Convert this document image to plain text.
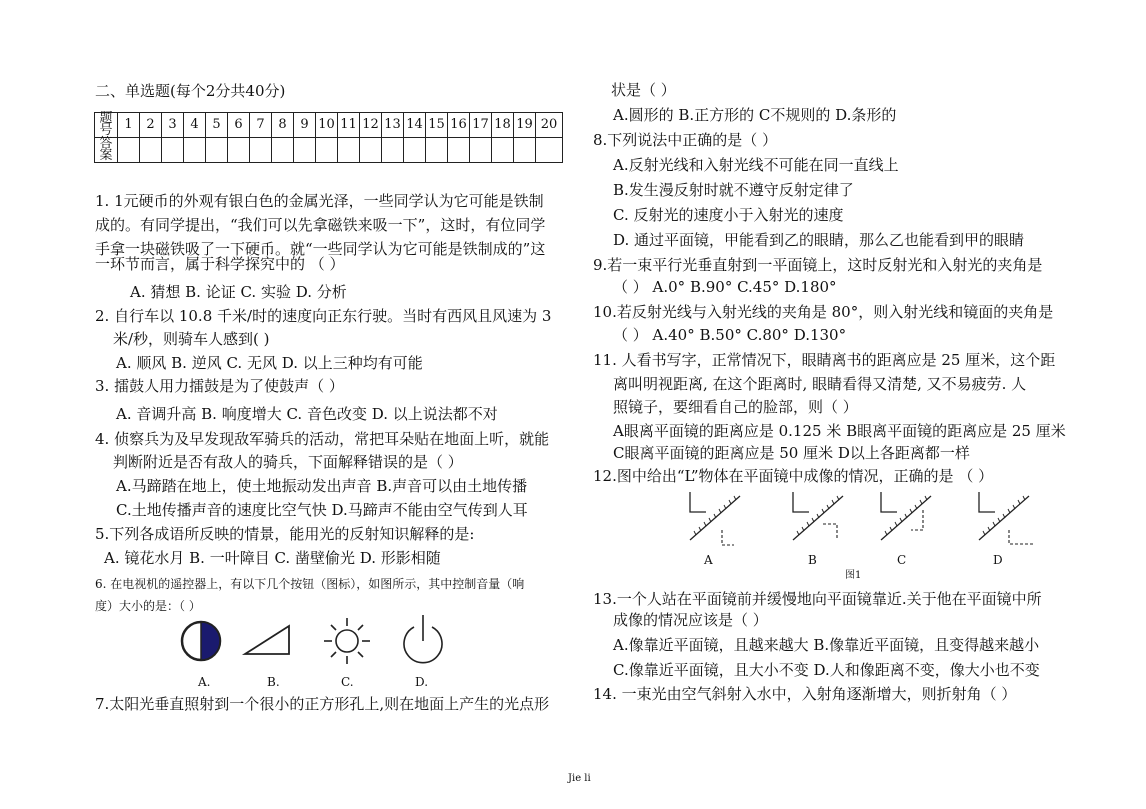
二、单选题(每个2分共40分)
题号	1	2	3	4	5	6	7	8	9	10	11	12	13	14	15	16	17	18	19	20
答案																				
1. 1元硬币的外观有银白色的金属光泽，一些同学认为它可能是铁制
成的。有同学提出，“我们可以先拿磁铁来吸一下”，这时，有位同学
手拿一块磁铁吸了一下硬币。就“一些同学认为它可能是铁制成的”这
一环节而言，属于科学探究中的 （ ）
A. 猜想 B. 论证 C. 实验 D. 分析
2. 自行车以 10.8 千米/时的速度向正东行驶。当时有西风且风速为 3
米/秒，则骑车人感到( )
A. 顺风 B. 逆风 C. 无风 D. 以上三种均有可能
3. 擂鼓人用力擂鼓是为了使鼓声（ ）
A. 音调升高 B. 响度增大 C. 音色改变 D. 以上说法都不对
4. 侦察兵为及早发现敌军骑兵的活动，常把耳朵贴在地面上听，就能
判断附近是否有敌人的骑兵，下面解释错误的是（ ）
A.马蹄踏在地上，使土地振动发出声音 B.声音可以由土地传播
C.土地传播声音的速度比空气快 D.马蹄声不能由空气传到人耳
5.下列各成语所反映的情景，能用光的反射知识解释的是:
A. 镜花水月 B. 一叶障目 C. 凿壁偷光 D. 形影相随
6. 在电视机的遥控器上，有以下几个按钮（图标），如图所示，其中控制音量（响
度）大小的是：（ ）
A.	B.	C.	D.
7.太阳光垂直照射到一个很小的正方形孔上,则在地面上产生的光点形
状是（ ）
A.圆形的 B.正方形的 C不规则的 D.条形的
8.下列说法中正确的是（ ）
A.反射光线和入射光线不可能在同一直线上
B.发生漫反射时就不遵守反射定律了
C. 反射光的速度小于入射光的速度
D. 通过平面镜，甲能看到乙的眼睛，那么乙也能看到甲的眼睛
9.若一束平行光垂直射到一平面镜上，这时反射光和入射光的夹角是
（ ） A.0° B.90° C.45° D.180°
10.若反射光线与入射光线的夹角是 80°，则入射光线和镜面的夹角是
（ ） A.40° B.50° C.80° D.130°
11. 人看书写字，正常情况下，眼睛离书的距离应是 25 厘米，这个距
离叫明视距离, 在这个距离时, 眼睛看得又清楚, 又不易疲劳. 人
照镜子，要细看自己的脸部，则（ ）
A眼离平面镜的距离应是 0.125 米 B眼离平面镜的距离应是 25 厘米
C眼离平面镜的距离应是 50 厘米 D以上各距离都一样
12.图中给出“L”物体在平面镜中成像的情况，正确的是 （ ）
A	B	C	D
图1
13.一个人站在平面镜前并缓慢地向平面镜靠近.关于他在平面镜中所
成像的情况应该是（ ）
A.像靠近平面镜，且越来越大 B.像靠近平面镜，且变得越来越小
C.像靠近平面镜，且大小不变 D.人和像距离不变，像大小也不变
14. 一束光由空气斜射入水中，入射角逐渐增大，则折射角（ ）
Jie li
